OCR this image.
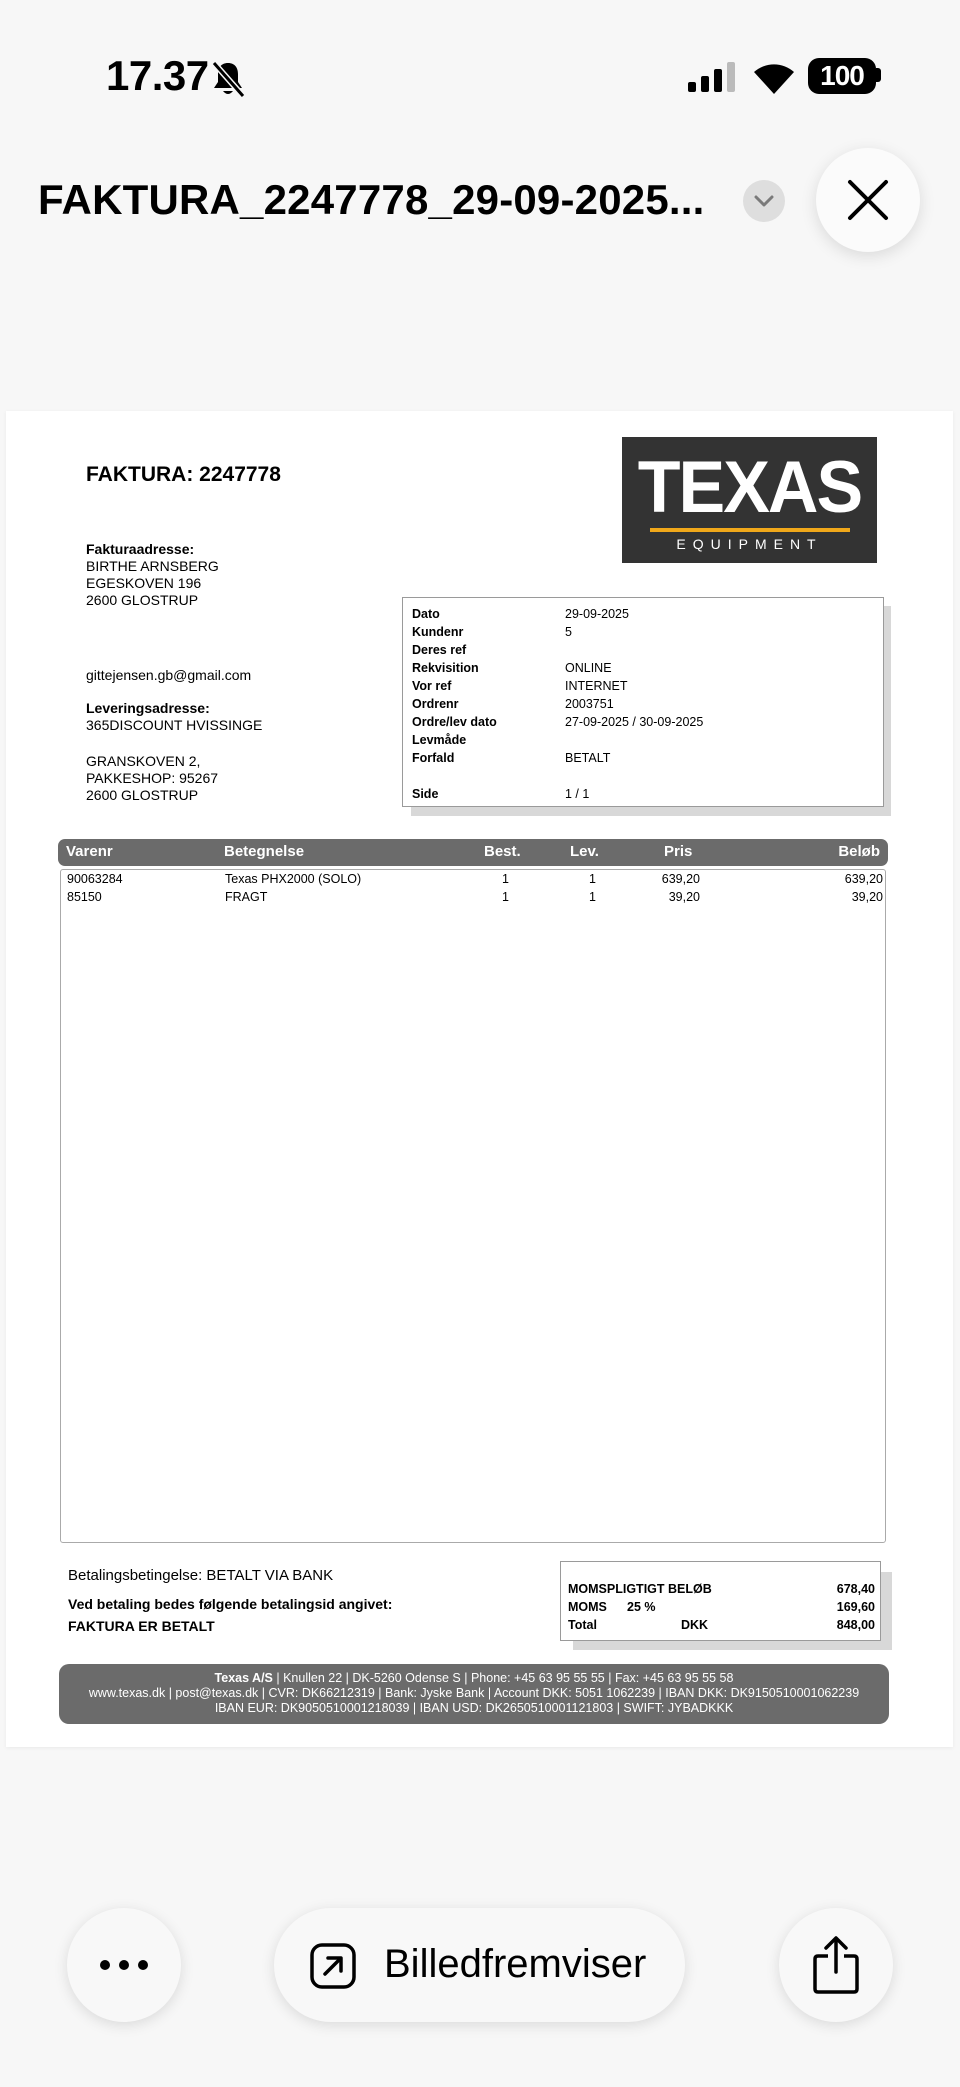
17.37	100
FAKTURA_2247778_29-09-2025...
FAKTURA: 2247778	TEXAS
EQUIPMENT
Fakturaadresse:
BIRTHE ARNSBERG
EGESKOVEN 196
2600 GLOSTRUP
gittejensen.gb@gmail.com
Leveringsadresse:
365DISCOUNT HVISSINGE
GRANSKOVEN 2,
PAKKESHOP: 95267
2600 GLOSTRUP
Dato	29-09-2025
Kundenr	5
Deres ref
Rekvisition	ONLINE
Vor ref	INTERNET
Ordrenr	2003751
Ordre/lev dato	27-09-2025 / 30-09-2025
Levmåde
Forfald	BETALT
Side	1 / 1
Varenr	Betegnelse	Best.	Lev.	Pris	Beløb
90063284	Texas PHX2000 (SOLO)	1	1	639,20	639,20
85150	FRAGT	1	1	39,20	39,20
Betalingsbetingelse: BETALT VIA BANK
Ved betaling bedes følgende betalingsid angivet:
FAKTURA ER BETALT
MOMSPLIGTIGT BELØB	678,40
MOMS 25 %	169,60
Total	DKK	848,00
Texas A/S | Knullen 22 | DK-5260 Odense S | Phone: +45 63 95 55 55 | Fax: +45 63 95 55 58
www.texas.dk | post@texas.dk | CVR: DK66212319 | Bank: Jyske Bank | Account DKK: 5051 1062239 | IBAN DKK: DK9150510001062239
IBAN EUR: DK9050510001218039 | IBAN USD: DK2650510001121803 | SWIFT: JYBADKKK
Billedfremviser
